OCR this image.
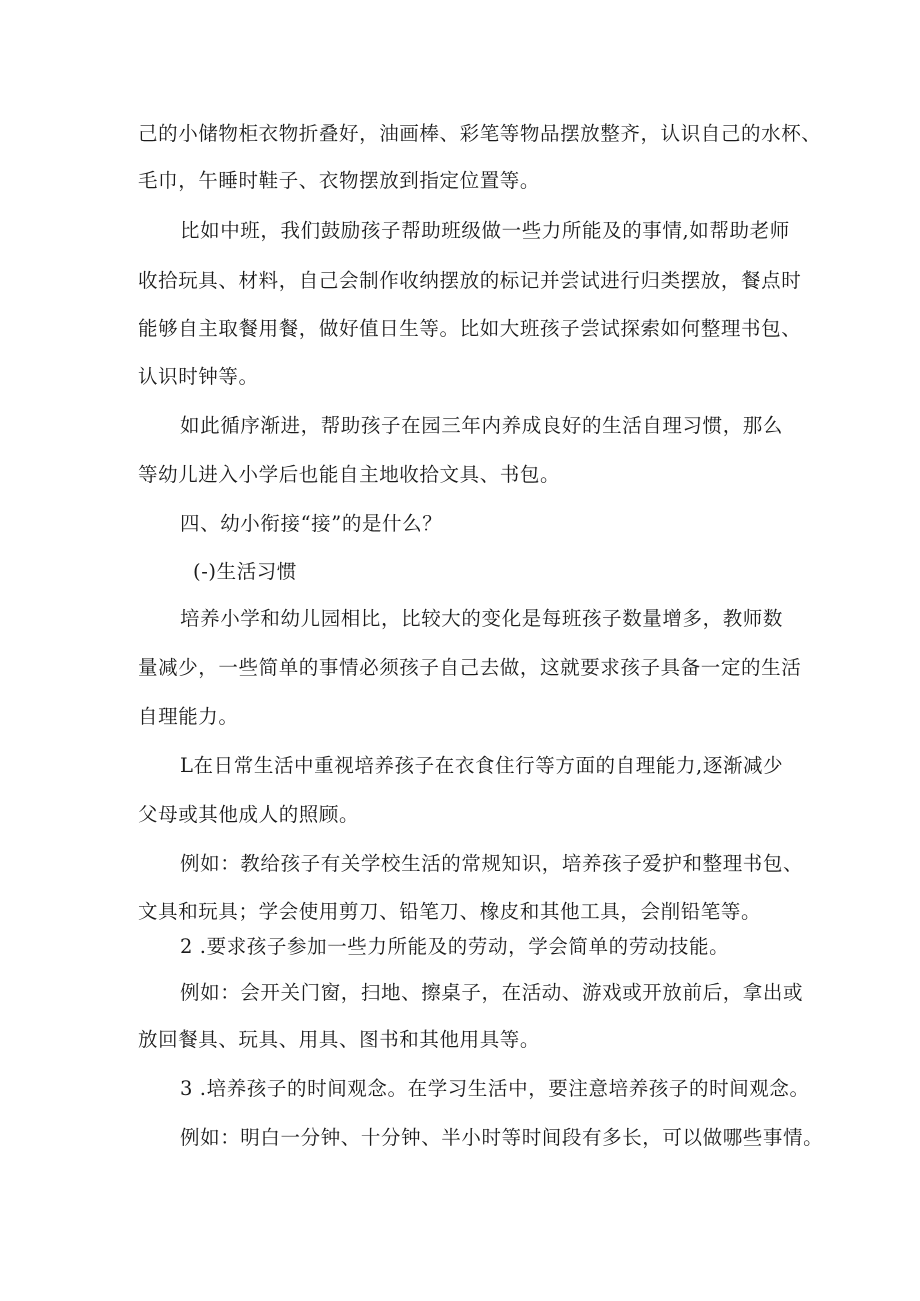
己的小储物柜衣物折叠好，油画棒、彩笔等物品摆放整齐，认识自己的水杯、
毛巾，午睡时鞋子、衣物摆放到指定位置等。
比如中班，我们鼓励孩子帮助班级做一些力所能及的事情,如帮助老师
收拾玩具、材料，自己会制作收纳摆放的标记并尝试进行归类摆放，餐点时
能够自主取餐用餐，做好值日生等。比如大班孩子尝试探索如何整理书包、
认识时钟等。
如此循序渐进，帮助孩子在园三年内养成良好的生活自理习惯，那么
等幼儿进入小学后也能自主地收拾文具、书包。
四、幼小衔接“接”的是什么？
(-)生活习惯
培养小学和幼儿园相比，比较大的变化是每班孩子数量增多，教师数
量减少，一些简单的事情必须孩子自己去做，这就要求孩子具备一定的生活
自理能力。
L在日常生活中重视培养孩子在衣食住行等方面的自理能力,逐渐减少
父母或其他成人的照顾。
例如：教给孩子有关学校生活的常规知识，培养孩子爱护和整理书包、
文具和玩具；学会使用剪刀、铅笔刀、橡皮和其他工具，会削铅笔等。
2 .要求孩子参加一些力所能及的劳动，学会简单的劳动技能。
例如：会开关门窗，扫地、擦桌子，在活动、游戏或开放前后，拿出或
放回餐具、玩具、用具、图书和其他用具等。
3 .培养孩子的时间观念。在学习生活中，要注意培养孩子的时间观念。
例如：明白一分钟、十分钟、半小时等时间段有多长，可以做哪些事情。
